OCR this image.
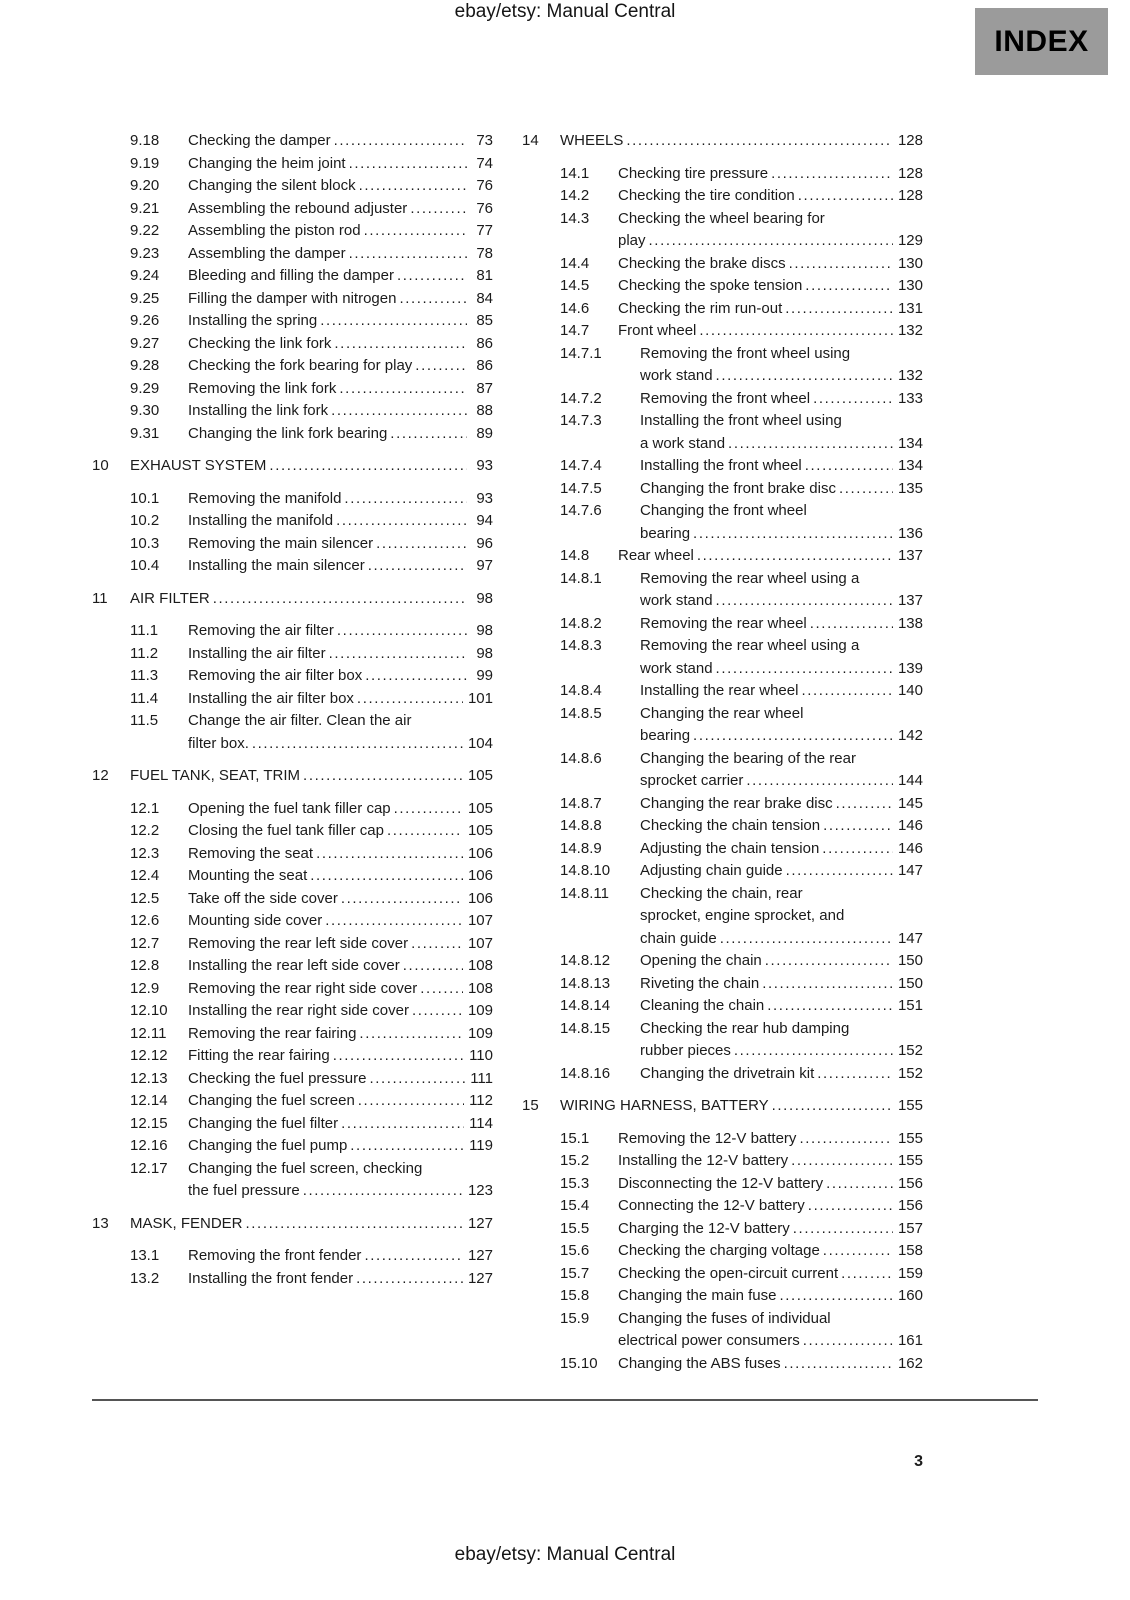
ebay/etsy: Manual Central
INDEX
9.18	Checking the damper .....	73
9.19	Changing the heim joint .....	74
9.20	Changing the silent block .....	76
9.21	Assembling the rebound adjuster .....	76
9.22	Assembling the piston rod .....	77
9.23	Assembling the damper .....	78
9.24	Bleeding and filling the damper .....	81
9.25	Filling the damper with nitrogen .....	84
9.26	Installing the spring .....	85
9.27	Checking the link fork .....	86
9.28	Checking the fork bearing for play .....	86
9.29	Removing the link fork .....	87
9.30	Installing the link fork .....	88
9.31	Changing the link fork bearing .....	89
10	EXHAUST SYSTEM .....	93
10.1	Removing the manifold .....	93
10.2	Installing the manifold .....	94
10.3	Removing the main silencer .....	96
10.4	Installing the main silencer .....	97
11	AIR FILTER .....	98
11.1	Removing the air filter .....	98
11.2	Installing the air filter .....	98
11.3	Removing the air filter box .....	99
11.4	Installing the air filter box .....	101
11.5	Change the air filter. Clean the air
filter box. .....	104
12	FUEL TANK, SEAT, TRIM .....	105
12.1	Opening the fuel tank filler cap .....	105
12.2	Closing the fuel tank filler cap .....	105
12.3	Removing the seat .....	106
12.4	Mounting the seat .....	106
12.5	Take off the side cover .....	106
12.6	Mounting side cover .....	107
12.7	Removing the rear left side cover .....	107
12.8	Installing the rear left side cover .....	108
12.9	Removing the rear right side cover .....	108
12.10	Installing the rear right side cover .....	109
12.11	Removing the rear fairing .....	109
12.12	Fitting the rear fairing .....	110
12.13	Checking the fuel pressure .....	111
12.14	Changing the fuel screen .....	112
12.15	Changing the fuel filter .....	114
12.16	Changing the fuel pump .....	119
12.17	Changing the fuel screen, checking
the fuel pressure .....	123
13	MASK, FENDER .....	127
13.1	Removing the front fender .....	127
13.2	Installing the front fender .....	127
14	WHEELS .....	128
14.1	Checking tire pressure .....	128
14.2	Checking the tire condition .....	128
14.3	Checking the wheel bearing for
play .....	129
14.4	Checking the brake discs .....	130
14.5	Checking the spoke tension .....	130
14.6	Checking the rim run-out .....	131
14.7	Front wheel .....	132
14.7.1	Removing the front wheel using
work stand .....	132
14.7.2	Removing the front wheel .....	133
14.7.3	Installing the front wheel using
a work stand .....	134
14.7.4	Installing the front wheel .....	134
14.7.5	Changing the front brake disc .....	135
14.7.6	Changing the front wheel
bearing .....	136
14.8	Rear wheel .....	137
14.8.1	Removing the rear wheel using a
work stand .....	137
14.8.2	Removing the rear wheel .....	138
14.8.3	Removing the rear wheel using a
work stand .....	139
14.8.4	Installing the rear wheel .....	140
14.8.5	Changing the rear wheel
bearing .....	142
14.8.6	Changing the bearing of the rear
sprocket carrier .....	144
14.8.7	Changing the rear brake disc .....	145
14.8.8	Checking the chain tension .....	146
14.8.9	Adjusting the chain tension .....	146
14.8.10	Adjusting chain guide .....	147
14.8.11	Checking the chain, rear
sprocket, engine sprocket, and
chain guide .....	147
14.8.12	Opening the chain .....	150
14.8.13	Riveting the chain .....	150
14.8.14	Cleaning the chain .....	151
14.8.15	Checking the rear hub damping
rubber pieces .....	152
14.8.16	Changing the drivetrain kit .....	152
15	WIRING HARNESS, BATTERY .....	155
15.1	Removing the 12-V battery .....	155
15.2	Installing the 12-V battery .....	155
15.3	Disconnecting the 12-V battery .....	156
15.4	Connecting the 12-V battery .....	156
15.5	Charging the 12-V battery .....	157
15.6	Checking the charging voltage .....	158
15.7	Checking the open-circuit current .....	159
15.8	Changing the main fuse .....	160
15.9	Changing the fuses of individual
electrical power consumers .....	161
15.10	Changing the ABS fuses .....	162
3
ebay/etsy: Manual Central
